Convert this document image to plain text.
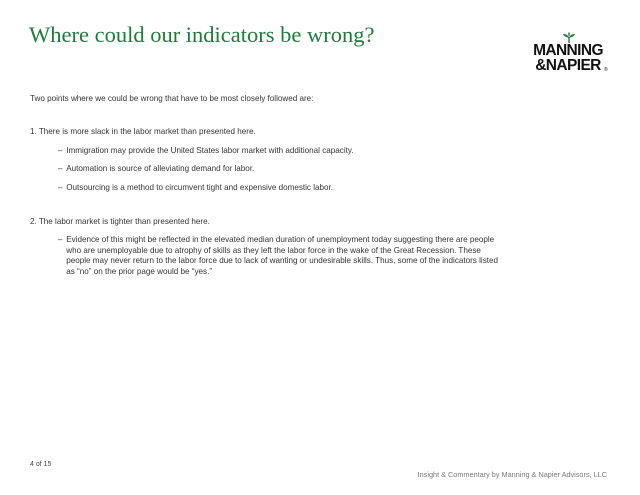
Where could our indicators be wrong?
MANNING
&NAPIER ®

Two points where we could be wrong that have to be most closely followed are:

1. There is more slack in the labor market than presented here.

– Immigration may provide the United States labor market with additional capacity.

– Automation is source of alleviating demand for labor.

– Outsourcing is a method to circumvent tight and expensive domestic labor.

2. The labor market is tighter than presented here.

– Evidence of this might be reflected in the elevated median duration of unemployment today suggesting there are people who are unemployable due to atrophy of skills as they left the labor force in the wake of the Great Recession. These people may never return to the labor force due to lack of wanting or undesirable skills. Thus, some of the indicators listed as “no” on the prior page would be “yes.”

4 of 15
Insight & Commentary by Manning & Napier Advisors, LLC
